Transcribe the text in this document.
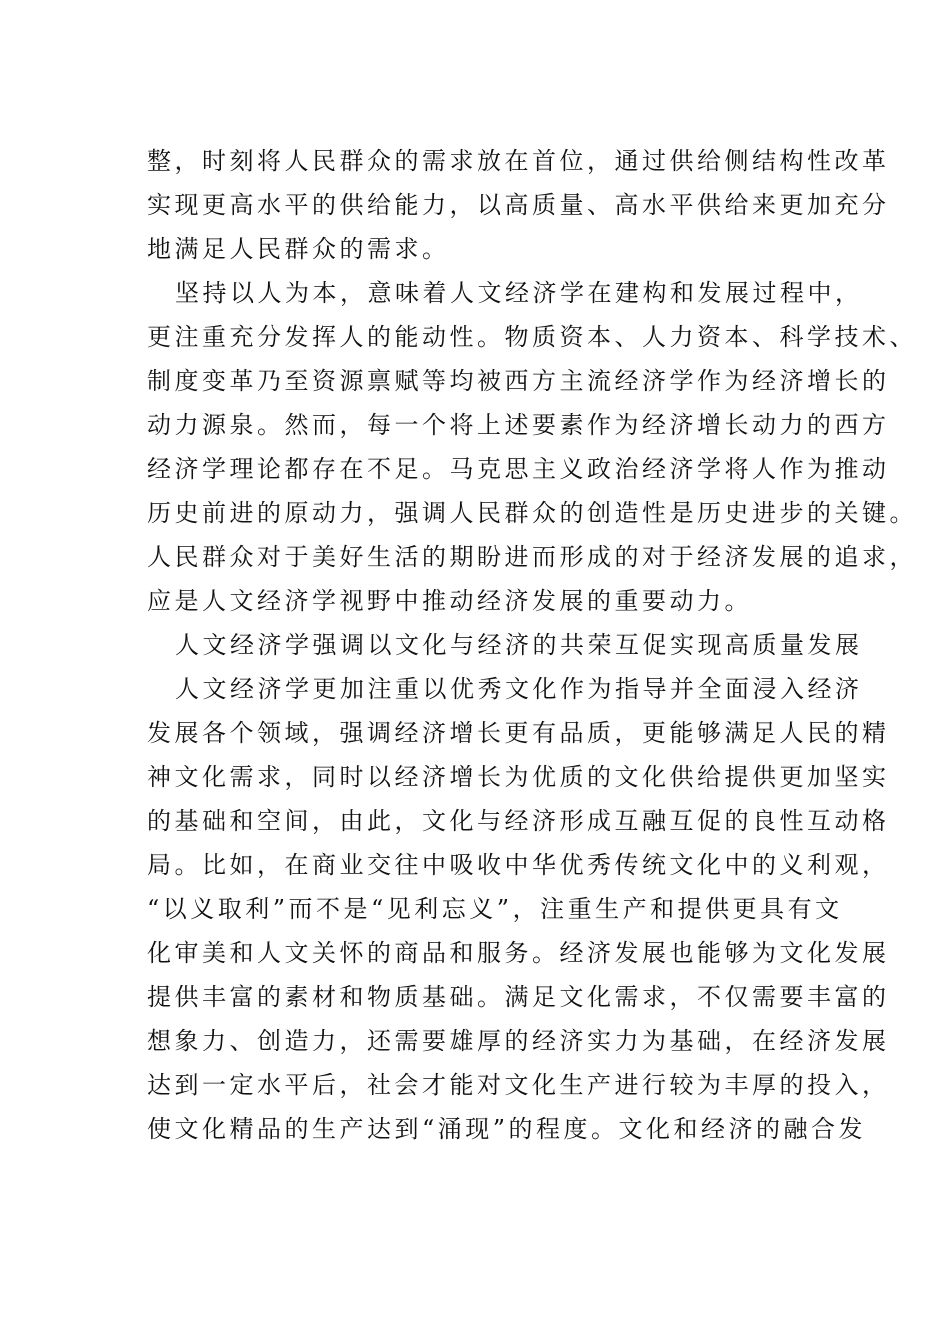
整，时刻将人民群众的需求放在首位，通过供给侧结构性改革
实现更高水平的供给能力，以高质量、高水平供给来更加充分
地满足人民群众的需求。
坚持以人为本，意味着人文经济学在建构和发展过程中，
更注重充分发挥人的能动性。物质资本、人力资本、科学技术、
制度变革乃至资源禀赋等均被西方主流经济学作为经济增长的
动力源泉。然而，每一个将上述要素作为经济增长动力的西方
经济学理论都存在不足。马克思主义政治经济学将人作为推动
历史前进的原动力，强调人民群众的创造性是历史进步的关键。
人民群众对于美好生活的期盼进而形成的对于经济发展的追求，
应是人文经济学视野中推动经济发展的重要动力。
人文经济学强调以文化与经济的共荣互促实现高质量发展
人文经济学更加注重以优秀文化作为指导并全面浸入经济
发展各个领域，强调经济增长更有品质，更能够满足人民的精
神文化需求，同时以经济增长为优质的文化供给提供更加坚实
的基础和空间，由此，文化与经济形成互融互促的良性互动格
局。比如，在商业交往中吸收中华优秀传统文化中的义利观，
“以义取利”而不是“见利忘义”，注重生产和提供更具有文
化审美和人文关怀的商品和服务。经济发展也能够为文化发展
提供丰富的素材和物质基础。满足文化需求，不仅需要丰富的
想象力、创造力，还需要雄厚的经济实力为基础，在经济发展
达到一定水平后，社会才能对文化生产进行较为丰厚的投入，
使文化精品的生产达到“涌现”的程度。文化和经济的融合发
